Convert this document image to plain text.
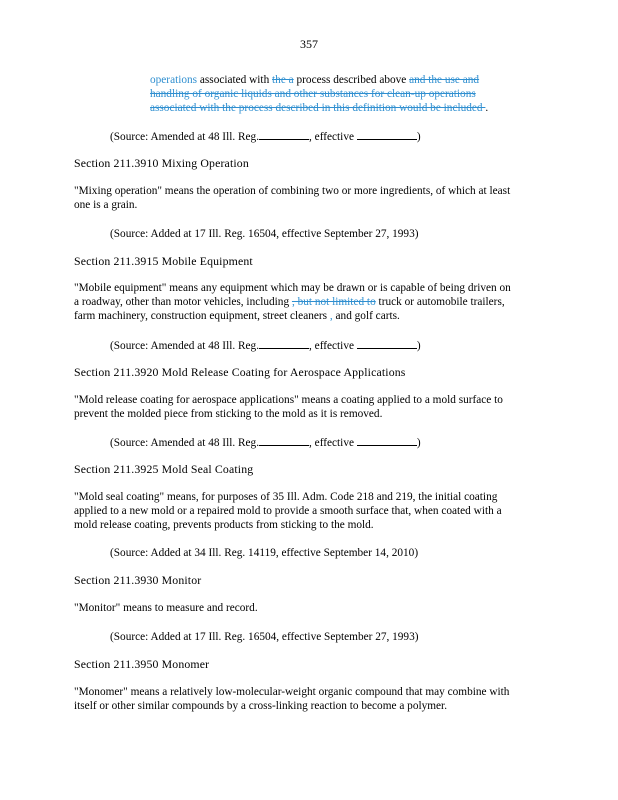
357
operations associated with the a process described above and the use and
handling of organic liquids and other substances for clean-up operations
associated with the process described in this definition would be included .
(Source: Amended at 48 Ill. Reg.	, effective	)
Section 211.3910 Mixing Operation
"Mixing operation" means the operation of combining two or more ingredients, of which at least
one is a grain.
(Source: Added at 17 Ill. Reg. 16504, effective September 27, 1993)
Section 211.3915 Mobile Equipment
"Mobile equipment" means any equipment which may be drawn or is capable of being driven on
a roadway, other than motor vehicles, including , but not limited to truck or automobile trailers,
farm machinery, construction equipment, street cleaners , and golf carts.
(Source: Amended at 48 Ill. Reg.	, effective	)
Section 211.3920 Mold Release Coating for Aerospace Applications
"Mold release coating for aerospace applications" means a coating applied to a mold surface to
prevent the molded piece from sticking to the mold as it is removed.
(Source: Amended at 48 Ill. Reg.	, effective	)
Section 211.3925 Mold Seal Coating
"Mold seal coating" means, for purposes of 35 Ill. Adm. Code 218 and 219, the initial coating
applied to a new mold or a repaired mold to provide a smooth surface that, when coated with a
mold release coating, prevents products from sticking to the mold.
(Source: Added at 34 Ill. Reg. 14119, effective September 14, 2010)
Section 211.3930 Monitor
"Monitor" means to measure and record.
(Source: Added at 17 Ill. Reg. 16504, effective September 27, 1993)
Section 211.3950 Monomer
"Monomer" means a relatively low-molecular-weight organic compound that may combine with
itself or other similar compounds by a cross-linking reaction to become a polymer.
